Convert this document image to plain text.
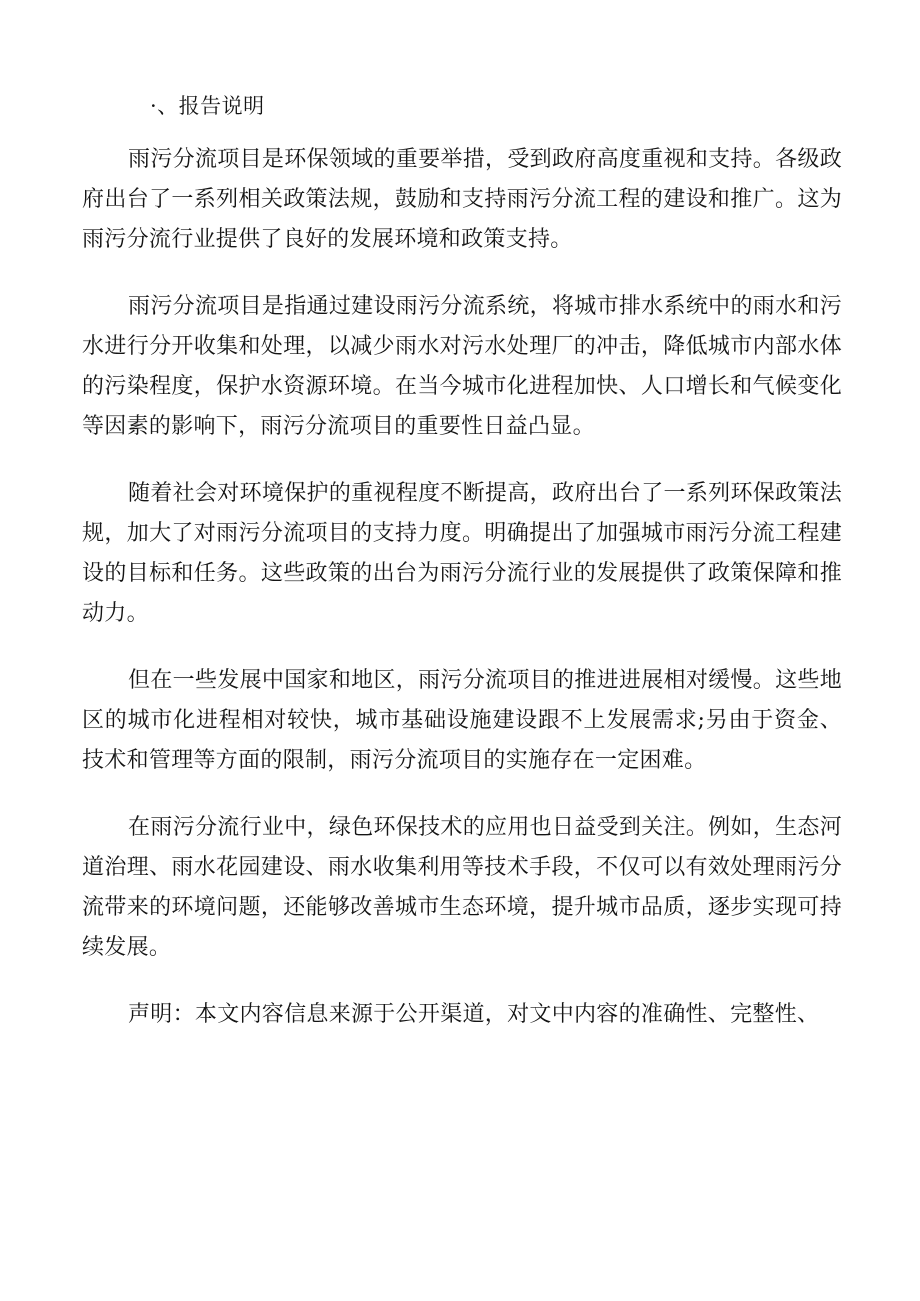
·、报告说明

雨污分流项目是环保领域的重要举措，受到政府高度重视和支持。各级政府出台了一系列相关政策法规，鼓励和支持雨污分流工程的建设和推广。这为雨污分流行业提供了良好的发展环境和政策支持。

雨污分流项目是指通过建设雨污分流系统，将城市排水系统中的雨水和污水进行分开收集和处理，以减少雨水对污水处理厂的冲击，降低城市内部水体的污染程度，保护水资源环境。在当今城市化进程加快、人口增长和气候变化等因素的影响下，雨污分流项目的重要性日益凸显。

随着社会对环境保护的重视程度不断提高，政府出台了一系列环保政策法规，加大了对雨污分流项目的支持力度。明确提出了加强城市雨污分流工程建设的目标和任务。这些政策的出台为雨污分流行业的发展提供了政策保障和推动力。

但在一些发展中国家和地区，雨污分流项目的推进进展相对缓慢。这些地区的城市化进程相对较快，城市基础设施建设跟不上发展需求;另由于资金、技术和管理等方面的限制，雨污分流项目的实施存在一定困难。

在雨污分流行业中，绿色环保技术的应用也日益受到关注。例如，生态河道治理、雨水花园建设、雨水收集利用等技术手段，不仅可以有效处理雨污分流带来的环境问题，还能够改善城市生态环境，提升城市品质，逐步实现可持续发展。

声明：本文内容信息来源于公开渠道，对文中内容的准确性、完整性、
